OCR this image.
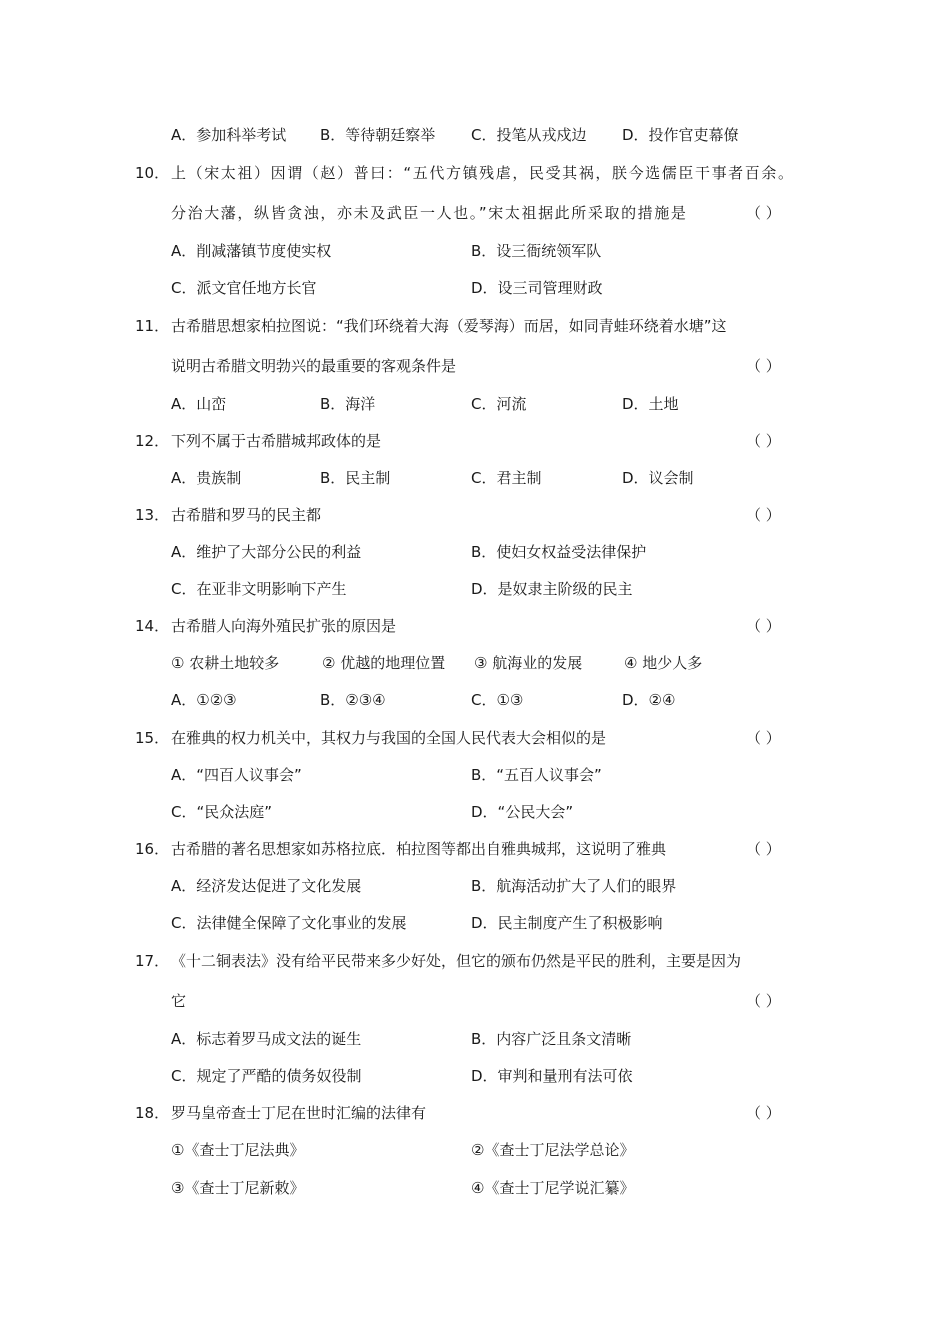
A．参加科举考试 B．等待朝廷察举 C．投笔从戎戍边 D．投作官吏幕僚
10． 上（宋太祖）因谓（赵）普曰：“五代方镇残虐，民受其祸，朕今选儒臣干事者百余。
分治大藩，纵皆贪浊，亦未及武臣一人也。”宋太祖据此所采取的措施是	（ ）
A．削减藩镇节度使实权	B．设三衙统领军队
C．派文官任地方长官	D．设三司管理财政
11． 古希腊思想家柏拉图说：“我们环绕着大海（爱琴海）而居，如同青蛙环绕着水塘”这
说明古希腊文明勃兴的最重要的客观条件是	（ ）
A．山峦	B．海洋	C．河流	D．土地
12． 下列不属于古希腊城邦政体的是	（ ）
A．贵族制	B．民主制	C．君主制	D．议会制
13． 古希腊和罗马的民主都	（ ）
A．维护了大部分公民的利益	B．使妇女权益受法律保护
C．在亚非文明影响下产生	D．是奴隶主阶级的民主
14． 古希腊人向海外殖民扩张的原因是	（ ）
① 农耕土地较多	② 优越的地理位置 ③ 航海业的发展	④ 地少人多
A．①②③	B．②③④	C．①③	D．②④
15． 在雅典的权力机关中，其权力与我国的全国人民代表大会相似的是	（ ）
A．“四百人议事会”	B．“五百人议事会”
C．“民众法庭”	D．“公民大会”
16． 古希腊的著名思想家如苏格拉底．柏拉图等都出自雅典城邦，这说明了雅典	（ ）
A．经济发达促进了文化发展	B．航海活动扩大了人们的眼界
C．法律健全保障了文化事业的发展	D．民主制度产生了积极影响
17． 《十二铜表法》没有给平民带来多少好处，但它的颁布仍然是平民的胜利，主要是因为
它	（ ）
A．标志着罗马成文法的诞生	B．内容广泛且条文清晰
C．规定了严酷的债务奴役制	D．审判和量刑有法可依
18． 罗马皇帝查士丁尼在世时汇编的法律有	（ ）
①《查士丁尼法典》	②《查士丁尼法学总论》
③《查士丁尼新敕》	④《查士丁尼学说汇纂》
